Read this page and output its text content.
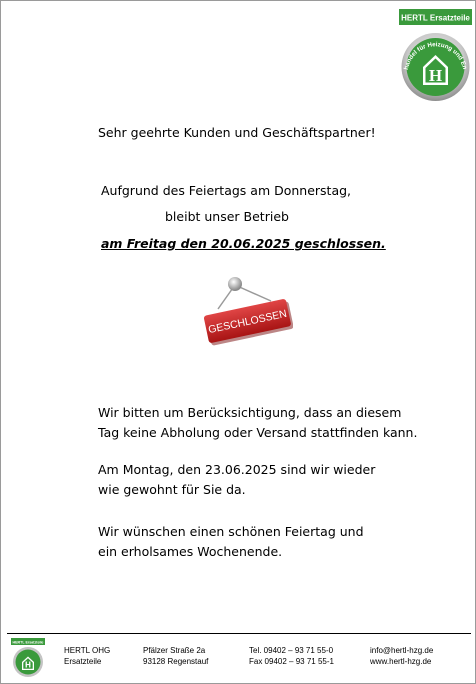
HERTL Ersatzteile
handel für Heizung und En
H
Sehr geehrte Kunden und Geschäftspartner!
Aufgrund des Feiertags am Donnerstag,
bleibt unser Betrieb
am Freitag den 20.06.2025 geschlossen.
GESCHLOSSEN
Wir bitten um Berücksichtigung, dass an diesem
Tag keine Abholung oder Versand stattfinden kann.
Am Montag, den 23.06.2025 sind wir wieder
wie gewohnt für Sie da.
Wir wünschen einen schönen Feiertag und
ein erholsames Wochenende.
HERTL Ersatzteile
HERTL OHG
Ersatzteile
Pfälzer Straße 2a
93128 Regenstauf
Tel. 09402 – 93 71 55-0
Fax 09402 – 93 71 55-1
info@hertl-hzg.de
www.hertl-hzg.de
